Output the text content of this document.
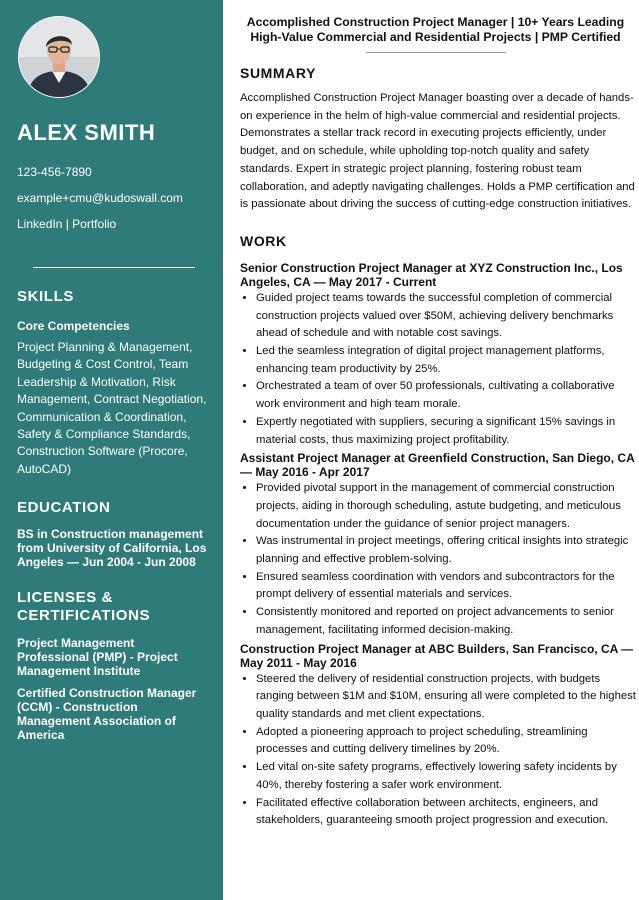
ALEX SMITH
123-456-7890
example+cmu@kudoswall.com
LinkedIn | Portfolio
SKILLS
Core Competencies
Project Planning & Management, Budgeting & Cost Control, Team Leadership & Motivation, Risk Management, Contract Negotiation, Communication & Coordination, Safety & Compliance Standards, Construction Software (Procore, AutoCAD)
EDUCATION
BS in Construction management from University of California, Los Angeles — Jun 2004 - Jun 2008
LICENSES & CERTIFICATIONS
Project Management Professional (PMP) - Project Management Institute
Certified Construction Manager (CCM) - Construction Management Association of America
Accomplished Construction Project Manager | 10+ Years Leading High-Value Commercial and Residential Projects | PMP Certified
SUMMARY
Accomplished Construction Project Manager boasting over a decade of hands-on experience in the helm of high-value commercial and residential projects. Demonstrates a stellar track record in executing projects efficiently, under budget, and on schedule, while upholding top-notch quality and safety standards. Expert in strategic project planning, fostering robust team collaboration, and adeptly navigating challenges. Holds a PMP certification and is passionate about driving the success of cutting-edge construction initiatives.
WORK
Senior Construction Project Manager at XYZ Construction Inc., Los Angeles, CA — May 2017 - Current
• Guided project teams towards the successful completion of commercial construction projects valued over $50M, achieving delivery benchmarks ahead of schedule and with notable cost savings.
• Led the seamless integration of digital project management platforms, enhancing team productivity by 25%.
• Orchestrated a team of over 50 professionals, cultivating a collaborative work environment and high team morale.
• Expertly negotiated with suppliers, securing a significant 15% savings in material costs, thus maximizing project profitability.
Assistant Project Manager at Greenfield Construction, San Diego, CA — May 2016 - Apr 2017
• Provided pivotal support in the management of commercial construction projects, aiding in thorough scheduling, astute budgeting, and meticulous documentation under the guidance of senior project managers.
• Was instrumental in project meetings, offering critical insights into strategic planning and effective problem-solving.
• Ensured seamless coordination with vendors and subcontractors for the prompt delivery of essential materials and services.
• Consistently monitored and reported on project advancements to senior management, facilitating informed decision-making.
Construction Project Manager at ABC Builders, San Francisco, CA — May 2011 - May 2016
• Steered the delivery of residential construction projects, with budgets ranging between $1M and $10M, ensuring all were completed to the highest quality standards and met client expectations.
• Adopted a pioneering approach to project scheduling, streamlining processes and cutting delivery timelines by 20%.
• Led vital on-site safety programs, effectively lowering safety incidents by 40%, thereby fostering a safer work environment.
• Facilitated effective collaboration between architects, engineers, and stakeholders, guaranteeing smooth project progression and execution.
